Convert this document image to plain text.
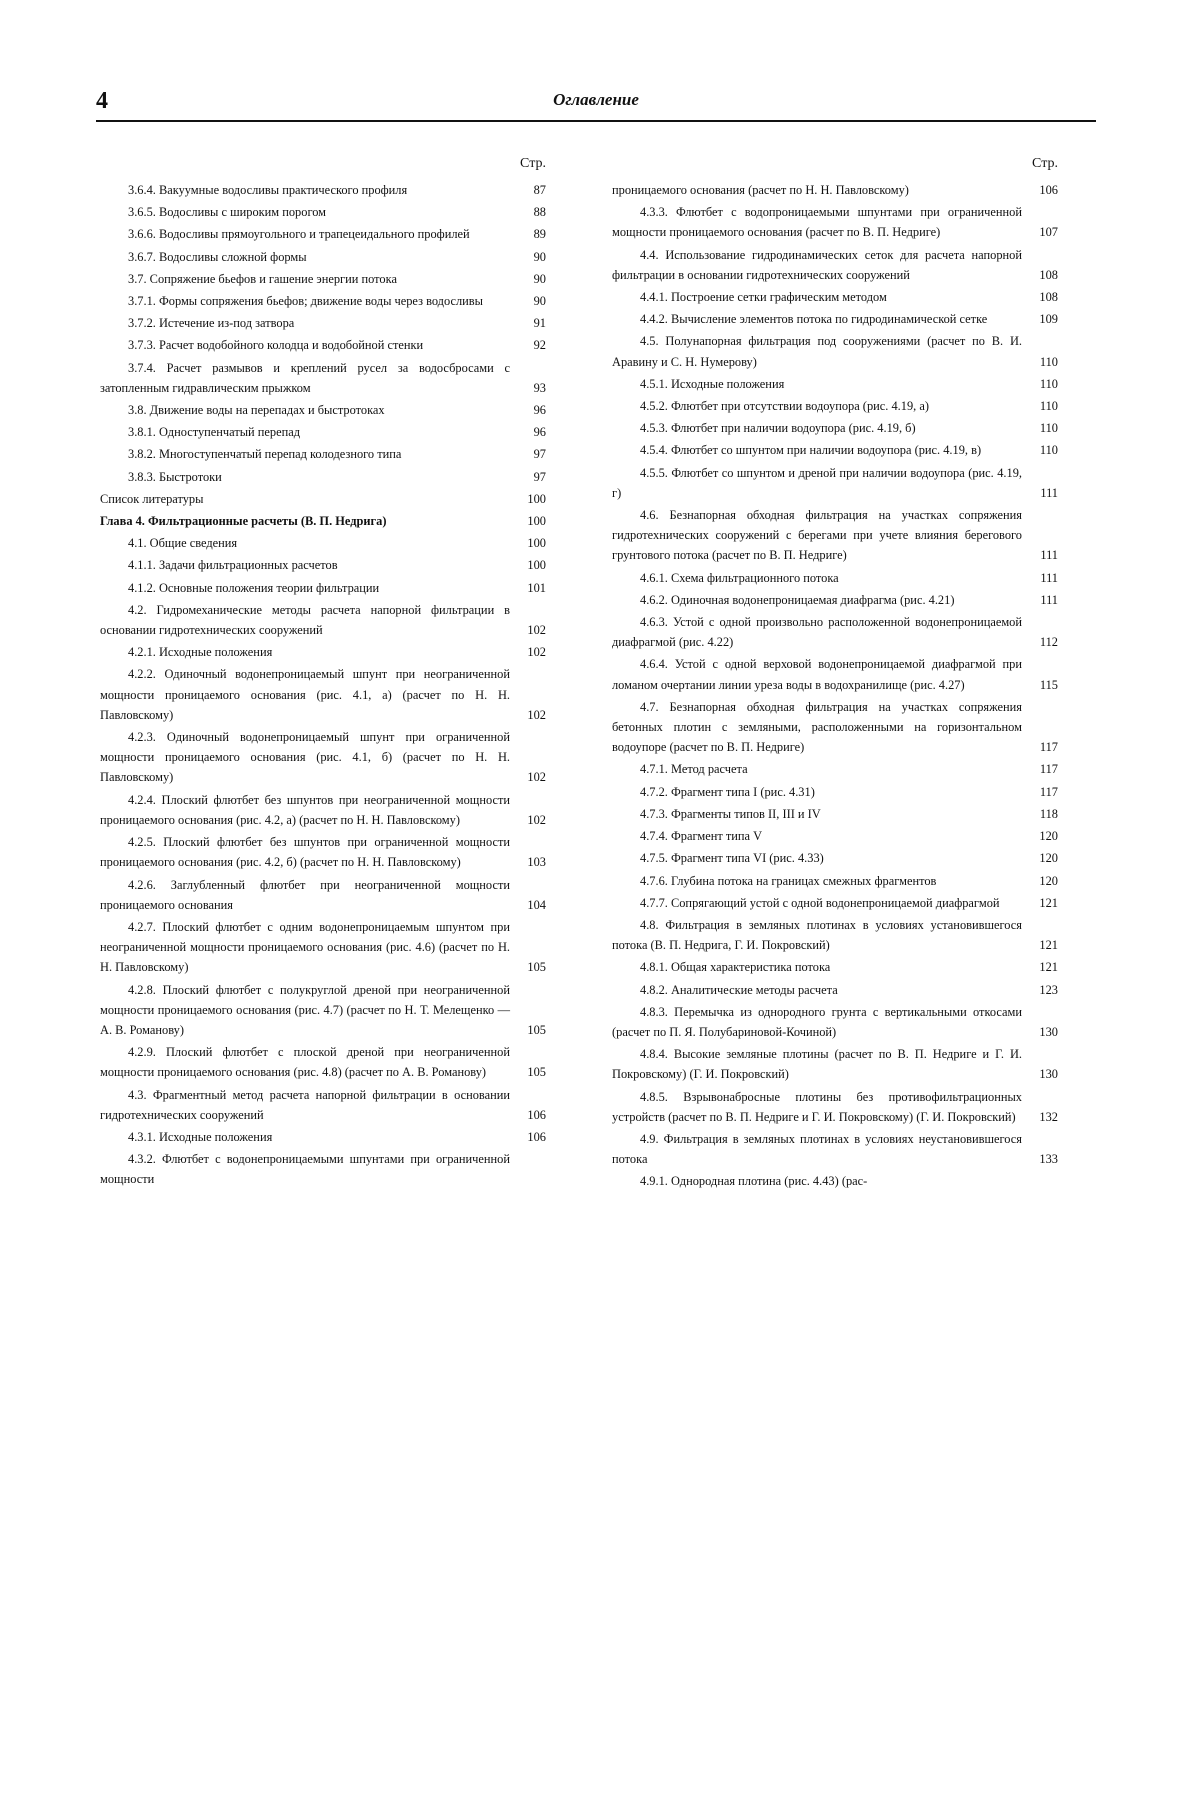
4	Оглавление
Стр.
3.6.4. Вакуумные водосливы практического профиля	87
3.6.5. Водосливы с широким порогом	88
3.6.6. Водосливы прямоугольного и трапецеидального профилей	89
3.6.7. Водосливы сложной формы	90
3.7. Сопряжение бьефов и гашение энергии потока	90
3.7.1. Формы сопряжения бьефов; движение воды через водосливы	90
3.7.2. Истечение из-под затвора	91
3.7.3. Расчет водобойного колодца и водобойной стенки	92
3.7.4. Расчет размывов и креплений русел за водосбросами с затопленным гидравлическим прыжком	93
3.8. Движение воды на перепадах и быстротоках	96
3.8.1. Одноступенчатый перепад	96
3.8.2. Многоступенчатый перепад колодезного типа	97
3.8.3. Быстротоки	97
Список литературы	100
Глава 4. Фильтрационные расчеты (В. П. Недрига)	100
4.1. Общие сведения	100
4.1.1. Задачи фильтрационных расчетов	100
4.1.2. Основные положения теории фильтрации	101
4.2. Гидромеханические методы расчета напорной фильтрации в основании гидротехнических сооружений	102
4.2.1. Исходные положения	102
4.2.2. Одиночный водонепроницаемый шпунт при неограниченной мощности проницаемого основания (рис. 4.1, а) (расчет по Н. Н. Павловскому)	102
4.2.3. Одиночный водонепроницаемый шпунт при ограниченной мощности проницаемого основания (рис. 4.1, б) (расчет по Н. Н. Павловскому)	102
4.2.4. Плоский флютбет без шпунтов при неограниченной мощности проницаемого основания (рис. 4.2, а) (расчет по Н. Н. Павловскому)	102
4.2.5. Плоский флютбет без шпунтов при ограниченной мощности проницаемого основания (рис. 4.2, б) (расчет по Н. Н. Павловскому)	103
4.2.6. Заглубленный флютбет при неограниченной мощности проницаемого основания	104
4.2.7. Плоский флютбет с одним водонепроницаемым шпунтом при неограниченной мощности проницаемого основания (рис. 4.6) (расчет по Н. Н. Павловскому)	105
4.2.8. Плоский флютбет с полукруглой дреной при неограниченной мощности проницаемого основания (рис. 4.7) (расчет по Н. Т. Мелещенко — А. В. Романову)	105
4.2.9. Плоский флютбет с плоской дреной при неограниченной мощности проницаемого основания (рис. 4.8) (расчет по А. В. Романову)	105
4.3. Фрагментный метод расчета напорной фильтрации в основании гидротехнических сооружений	106
4.3.1. Исходные положения	106
4.3.2. Флютбет с водонепроницаемыми шпунтами при ограниченной мощности
Стр.
проницаемого основания (расчет по Н. Н. Павловскому)	106
4.3.3. Флютбет с водопроницаемыми шпунтами при ограниченной мощности проницаемого основания (расчет по В. П. Недриге)	107
4.4. Использование гидродинамических сеток для расчета напорной фильтрации в основании гидротехнических сооружений	108
4.4.1. Построение сетки графическим методом	108
4.4.2. Вычисление элементов потока по гидродинамической сетке	109
4.5. Полунапорная фильтрация под сооружениями (расчет по В. И. Аравину и С. Н. Нумерову)	110
4.5.1. Исходные положения	110
4.5.2. Флютбет при отсутствии водоупора (рис. 4.19, а)	110
4.5.3. Флютбет при наличии водоупора (рис. 4.19, б)	110
4.5.4. Флютбет со шпунтом при наличии водоупора (рис. 4.19, в)	110
4.5.5. Флютбет со шпунтом и дреной при наличии водоупора (рис. 4.19, г)	111
4.6. Безнапорная обходная фильтрация на участках сопряжения гидротехнических сооружений с берегами при учете влияния берегового грунтового потока (расчет по В. П. Недриге)	111
4.6.1. Схема фильтрационного потока	111
4.6.2. Одиночная водонепроницаемая диафрагма (рис. 4.21)	111
4.6.3. Устой с одной произвольно расположенной водонепроницаемой диафрагмой (рис. 4.22)	112
4.6.4. Устой с одной верховой водонепроницаемой диафрагмой при ломаном очертании линии уреза воды в водохранилище (рис. 4.27)	115
4.7. Безнапорная обходная фильтрация на участках сопряжения бетонных плотин с земляными, расположенными на горизонтальном водоупоре (расчет по В. П. Недриге)	117
4.7.1. Метод расчета	117
4.7.2. Фрагмент типа I (рис. 4.31)	117
4.7.3. Фрагменты типов II, III и IV	118
4.7.4. Фрагмент типа V	120
4.7.5. Фрагмент типа VI (рис. 4.33)	120
4.7.6. Глубина потока на границах смежных фрагментов	120
4.7.7. Сопрягающий устой с одной водонепроницаемой диафрагмой	121
4.8. Фильтрация в земляных плотинах в условиях установившегося потока (В. П. Недрига, Г. И. Покровский)	121
4.8.1. Общая характеристика потока	121
4.8.2. Аналитические методы расчета	123
4.8.3. Перемычка из однородного грунта с вертикальными откосами (расчет по П. Я. Полубариновой-Кочиной)	130
4.8.4. Высокие земляные плотины (расчет по В. П. Недриге и Г. И. Покровскому) (Г. И. Покровский)	130
4.8.5. Взрывонабросные плотины без противофильтрационных устройств (расчет по В. П. Недриге и Г. И. Покровскому) (Г. И. Покровский)	132
4.9. Фильтрация в земляных плотинах в условиях неустановившегося потока	133
4.9.1. Однородная плотина (рис. 4.43) (рас-
